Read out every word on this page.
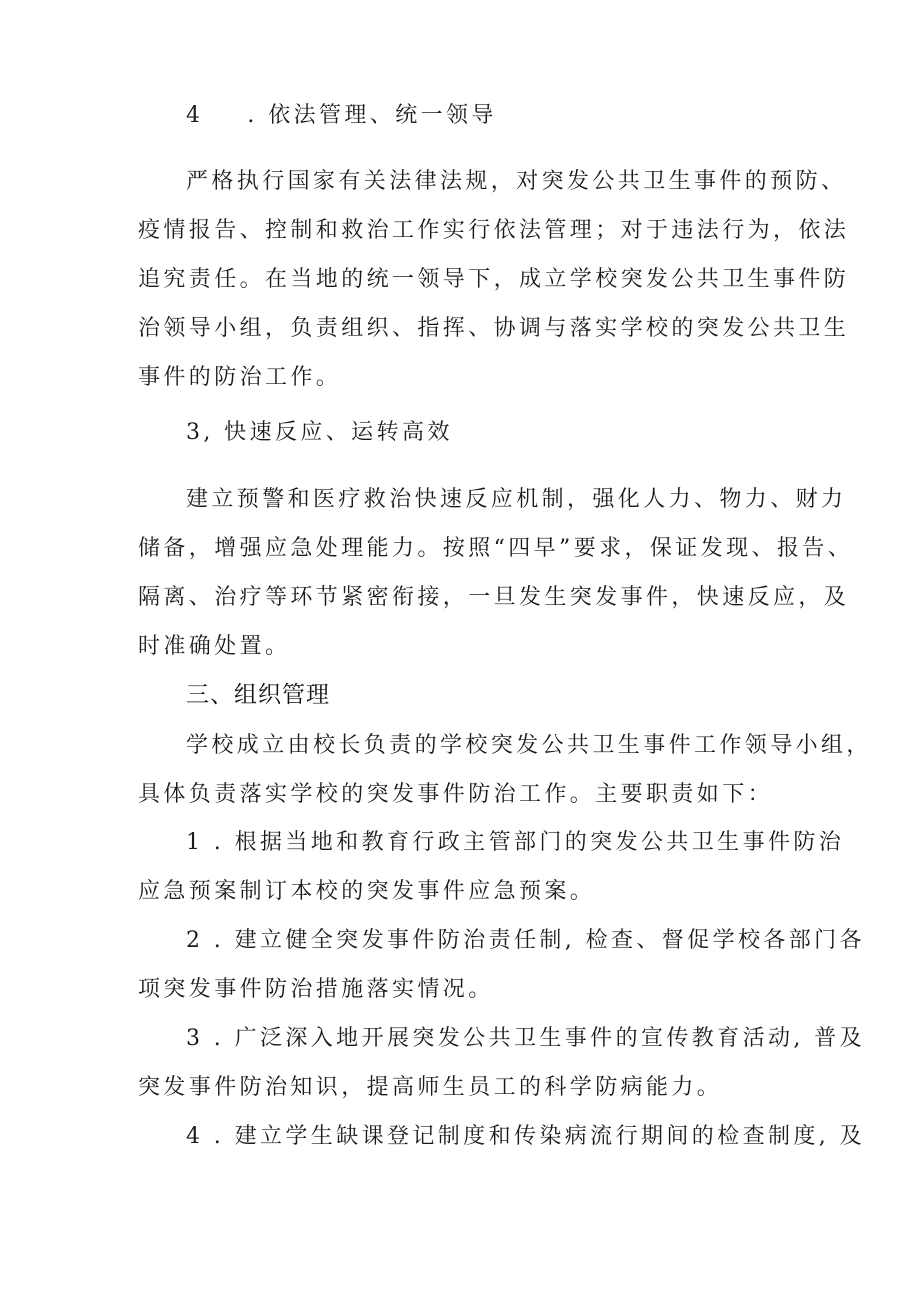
4 . 依法管理、统一领导
严格执行国家有关法律法规，对突发公共卫生事件的预防、
疫情报告、控制和救治工作实行依法管理；对于违法行为，依法
追究责任。在当地的统一领导下，成立学校突发公共卫生事件防
治领导小组，负责组织、指挥、协调与落实学校的突发公共卫生
事件的防治工作。
3, 快速反应、运转高效
建立预警和医疗救治快速反应机制，强化人力、物力、财力
储备，增强应急处理能力。按照“四早”要求，保证发现、报告、
隔离、治疗等环节紧密衔接，一旦发生突发事件，快速反应，及
时准确处置。
三、组织管理
学校成立由校长负责的学校突发公共卫生事件工作领导小组，
具体负责落实学校的突发事件防治工作。主要职责如下：
1 . 根据当地和教育行政主管部门的突发公共卫生事件防治
应急预案制订本校的突发事件应急预案。
2 . 建立健全突发事件防治责任制, 检查、督促学校各部门各
项突发事件防治措施落实情况。
3 . 广泛深入地开展突发公共卫生事件的宣传教育活动, 普及
突发事件防治知识，提高师生员工的科学防病能力。
4 . 建立学生缺课登记制度和传染病流行期间的检查制度, 及
